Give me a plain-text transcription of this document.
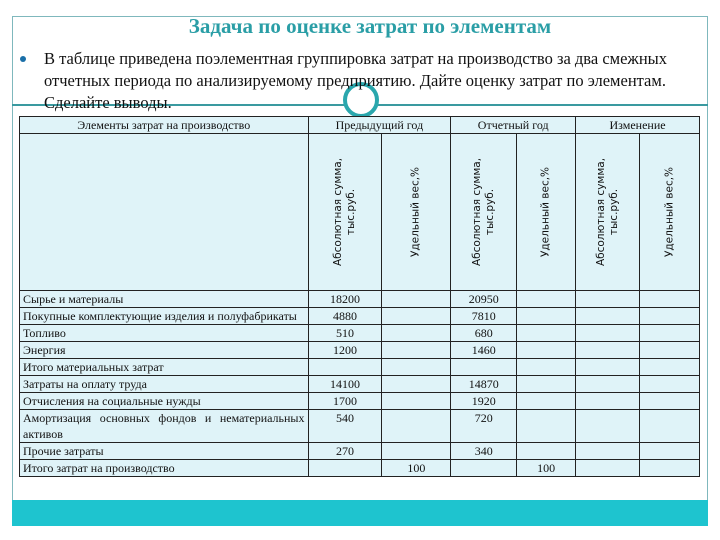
Задача по оценке затрат по элементам
В таблице приведена поэлементная группировка затрат на производство за два смежных отчетных периода по анализируемому предприятию. Дайте оценку затрат по элементам. Сделайте выводы.
Элементы затрат на производство	Предыдущий год		Отчетный год		Изменение	

	Абсолютная сумма, тыс.руб.	Удельный вес,%	Абсолютная сумма, тыс.руб.	Удельный вес,%	Абсолютная сумма, тыс.руб.	Удельный вес,%

Сырье и материалы	18200		20950			
Покупные комплектующие изделия и полуфабрикаты	4880		7810			
Топливо	510		680			
Энергия	1200		1460			
Итого материальных затрат						
Затраты на оплату труда	14100		14870			
Отчисления на социальные нужды	1700		1920			
Амортизация основных фондов и нематериальных активов	540		720			
Прочие затраты	270		340			
Итого затрат на производство		100		100		
